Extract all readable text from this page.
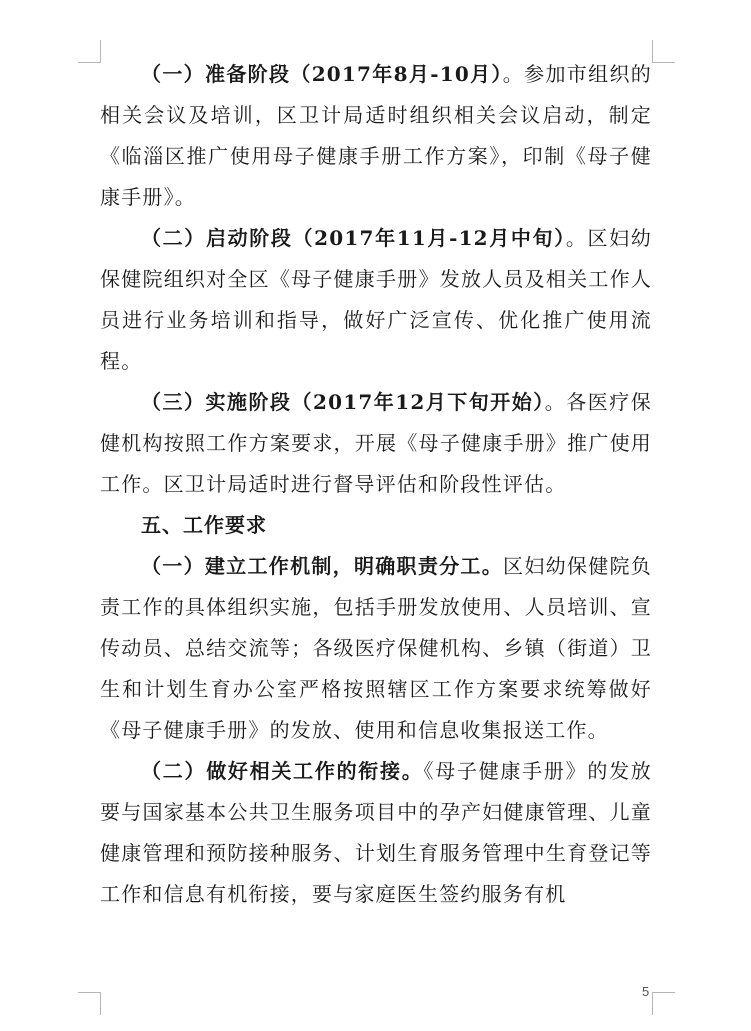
（一）准备阶段（2017年8月-10月）。参加市组织的相关会议及培训，区卫计局适时组织相关会议启动，制定《临淄区推广使用母子健康手册工作方案》，印制《母子健康手册》。

（二）启动阶段（2017年11月-12月中旬）。区妇幼保健院组织对全区《母子健康手册》发放人员及相关工作人员进行业务培训和指导，做好广泛宣传、优化推广使用流程。

（三）实施阶段（2017年12月下旬开始）。各医疗保健机构按照工作方案要求，开展《母子健康手册》推广使用工作。区卫计局适时进行督导评估和阶段性评估。

五、工作要求

（一）建立工作机制，明确职责分工。区妇幼保健院负责工作的具体组织实施，包括手册发放使用、人员培训、宣传动员、总结交流等；各级医疗保健机构、乡镇（街道）卫生和计划生育办公室严格按照辖区工作方案要求统筹做好《母子健康手册》的发放、使用和信息收集报送工作。

（二）做好相关工作的衔接。《母子健康手册》的发放要与国家基本公共卫生服务项目中的孕产妇健康管理、儿童健康管理和预防接种服务、计划生育服务管理中生育登记等工作和信息有机衔接，要与家庭医生签约服务有机

5
